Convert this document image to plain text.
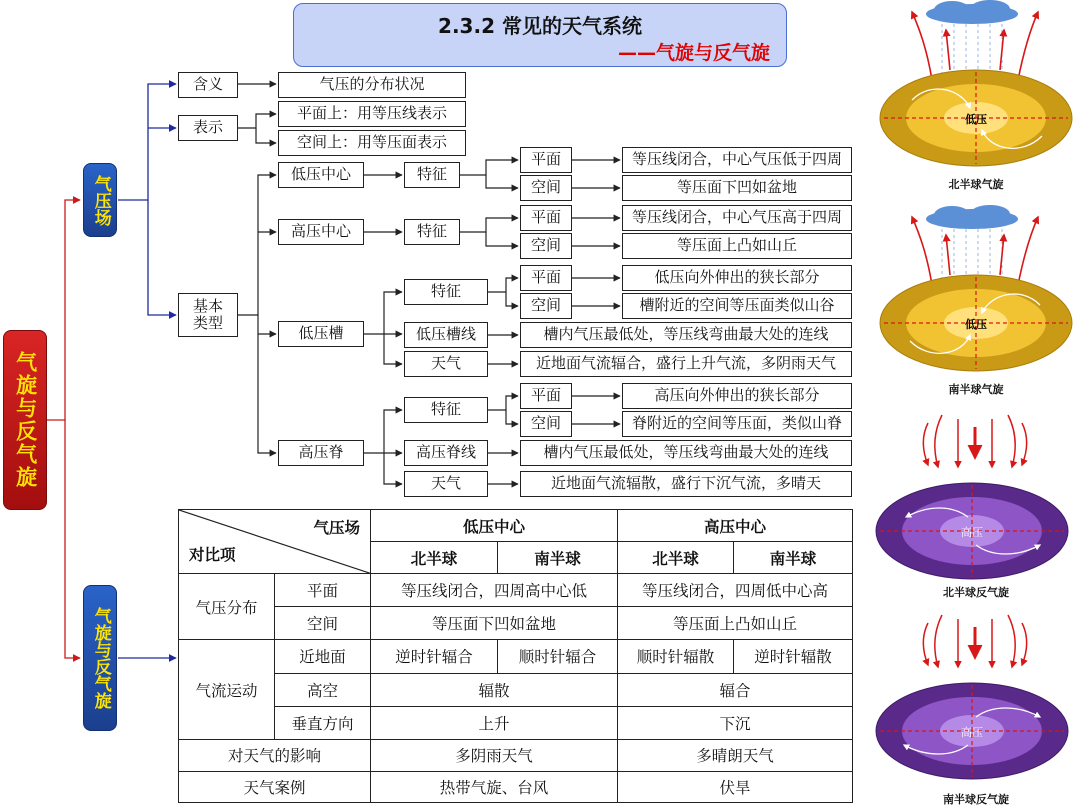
2.3.2 常见的天气系统
——气旋与反气旋
气旋与反气旋
气压场
气旋与反气旋
含义	气压的分布状况
表示
平面上：用等压线表示
空间上：用等压面表示
基本类型
低压中心
高压中心
低压槽
高压脊
特征
平面
空间
等压线闭合，中心气压低于四周
等压面下凹如盆地
特征
平面
空间
等压线闭合，中心气压高于四周
等压面上凸如山丘
特征
平面
空间
低压向外伸出的狭长部分
槽附近的空间等压面类似山谷
低压槽线	槽内气压最低处，等压线弯曲最大处的连线
天气	近地面气流辐合，盛行上升气流，多阴雨天气
特征
平面
空间
高压向外伸出的狭长部分
脊附近的空间等压面，类似山脊
高压脊线	槽内气压最低处，等压线弯曲最大处的连线
天气	近地面气流辐散，盛行下沉气流，多晴天
气压场
对比项		低压中心		高压中心	
		北半球	南半球	北半球	南半球
气压分布	平面	等压线闭合，四周高中心低		等压线闭合，四周低中心高	
	空间	等压面下凹如盆地		等压面上凸如山丘	
气流运动	近地面	逆时针辐合	顺时针辐合	顺时针辐散	逆时针辐散
	高空	辐散		辐合	
	垂直方向	上升		下沉	
对天气的影响		多阴雨天气		多晴朗天气	
天气案例		热带气旋、台风		伏旱	
低压
低压
高压
高压
北半球气旋
南半球气旋
北半球反气旋
南半球反气旋
